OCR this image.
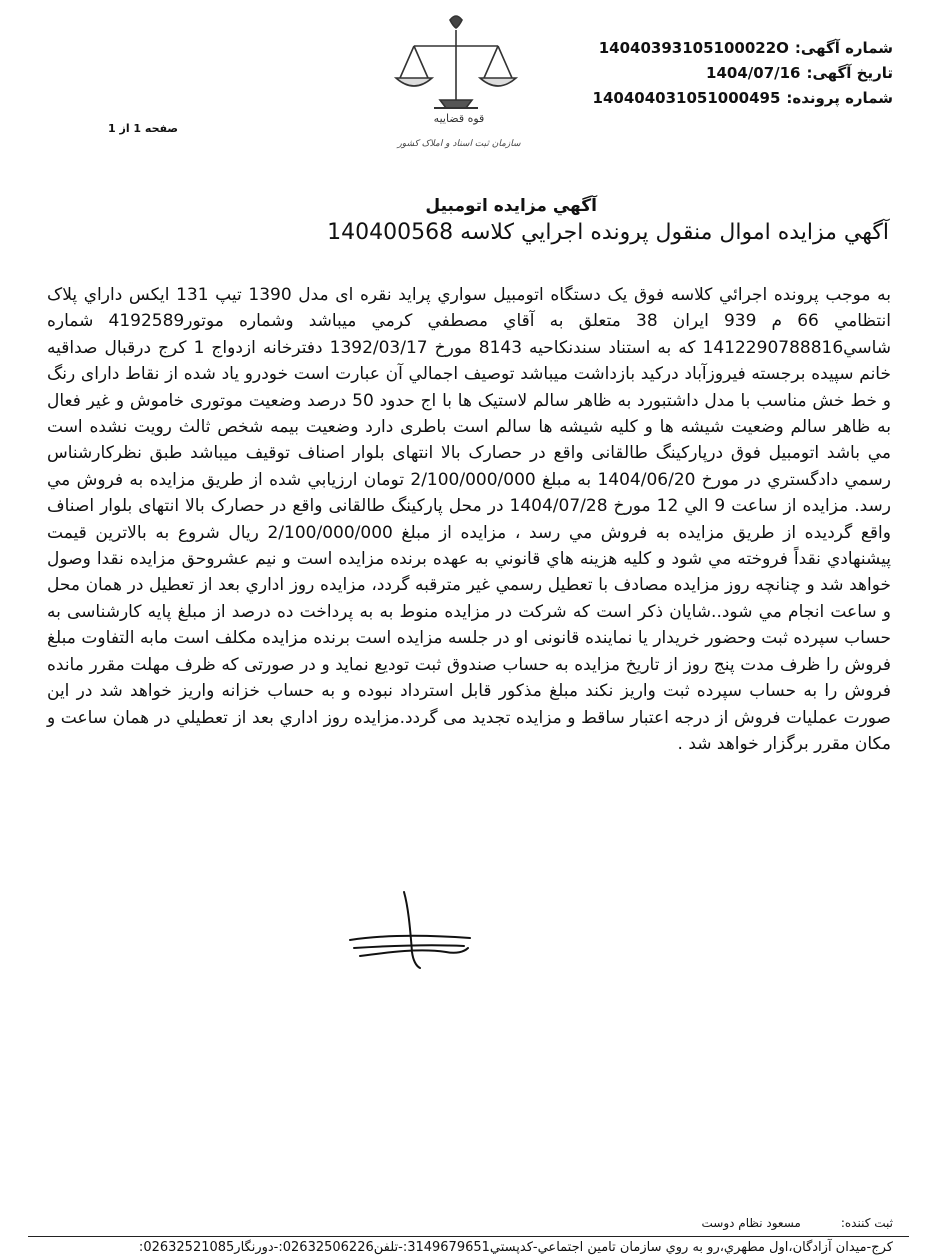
شماره آگهی:
14040393105100022O
تاریخ آگهی:
1404/07/16
شماره پرونده:
140404031051000495
قوه قضاییه
سازمان ثبت اسناد و املاک کشور
صفحه 1 از 1
آگهي مزايده اتومبيل
آگهي مزايده اموال منقول پرونده اجرايي كلاسه 140400568
به موجب پرونده اجرائي كلاسه فوق یک دستگاه اتومبيل سواري پرايد نقره ای مدل 1390 تيپ 131 ايکس داراي پلاک انتظامي 66 م 939 ايران 38 متعلق به آقاي مصطفي كرمي ميباشد وشماره موتور4192589 شماره شاسي1412290788816 که به استناد سندنكاحيه 8143 مورخ 1392/03/17 دفترخانه ازدواج 1 كرج درقبال صداقيه خانم سپيده برجسته فيروزآباد دركيد بازداشت ميباشد توصيف اجمالي آن عبارت است خودرو ياد شده از نقاط دارای رنگ و خط خش مناسب با مدل داشتبورد به ظاهر سالم لاستيک ها با اج حدود 50 درصد وضعيت موتوری خاموش و غير فعال به ظاهر سالم وضعيت شيشه ها و كليه شيشه ها سالم است باطری دارد وضعيت بيمه شخص ثالث رويت نشده است مي باشد اتومبيل فوق درپاركينگ طالقانی واقع در حصارک بالا انتهای بلوار اصناف توقيف ميباشد طبق نظركارشناس رسمي دادگستري در مورخ 1404/06/20 به مبلغ 2/100/000/000 تومان ارزيابي شده از طريق مزايده به فروش مي رسد. مزايده از ساعت 9 الي 12 مورخ 1404/07/28 در محل پاركينگ طالقانی واقع در حصارک بالا انتهای بلوار اصناف واقع گرديده از طريق مزايده به فروش مي رسد ، مزايده از مبلغ 2/100/000/000 ريال شروع به بالاترين قيمت پيشنهادي نقداً فروخته مي شود و كليه هزينه هاي قانوني به عهده برنده مزايده است و نيم عشروحق مزايده نقدا وصول خواهد شد و چنانچه روز مزايده مصادف با تعطيل رسمي غير مترقبه گردد، مزايده روز اداري بعد از تعطيل در همان محل و ساعت انجام مي شود..شايان ذكر است كه شركت در مزايده منوط به به پرداخت ده درصد از مبلغ پايه كارشناسی به حساب سپرده ثبت وحضور خريدار يا نماينده قانونی او در جلسه مزايده است برنده مزايده مكلف است مابه التفاوت مبلغ فروش را ظرف مدت پنج روز از تاريخ مزايده به حساب صندوق ثبت توديع نمايد و در صورتی كه ظرف مهلت مقرر مانده فروش را به حساب سپرده ثبت واريز نكند مبلغ مذكور قابل استرداد نبوده و به حساب خزانه واريز خواهد شد در اين صورت عمليات فروش از درجه اعتبار ساقط و مزايده تجديد می گردد.مزايده روز اداري بعد از تعطيلي در همان ساعت و مكان مقرر برگزار خواهد شد .
ثبت كننده:
مسعود نظام دوست
كرج-ميدان آزادگان،اول مطهري،رو به روي سازمان تامين اجتماعي-كدپستي3149679651:-تلفن02632506226:-دورنگار02632521085:
